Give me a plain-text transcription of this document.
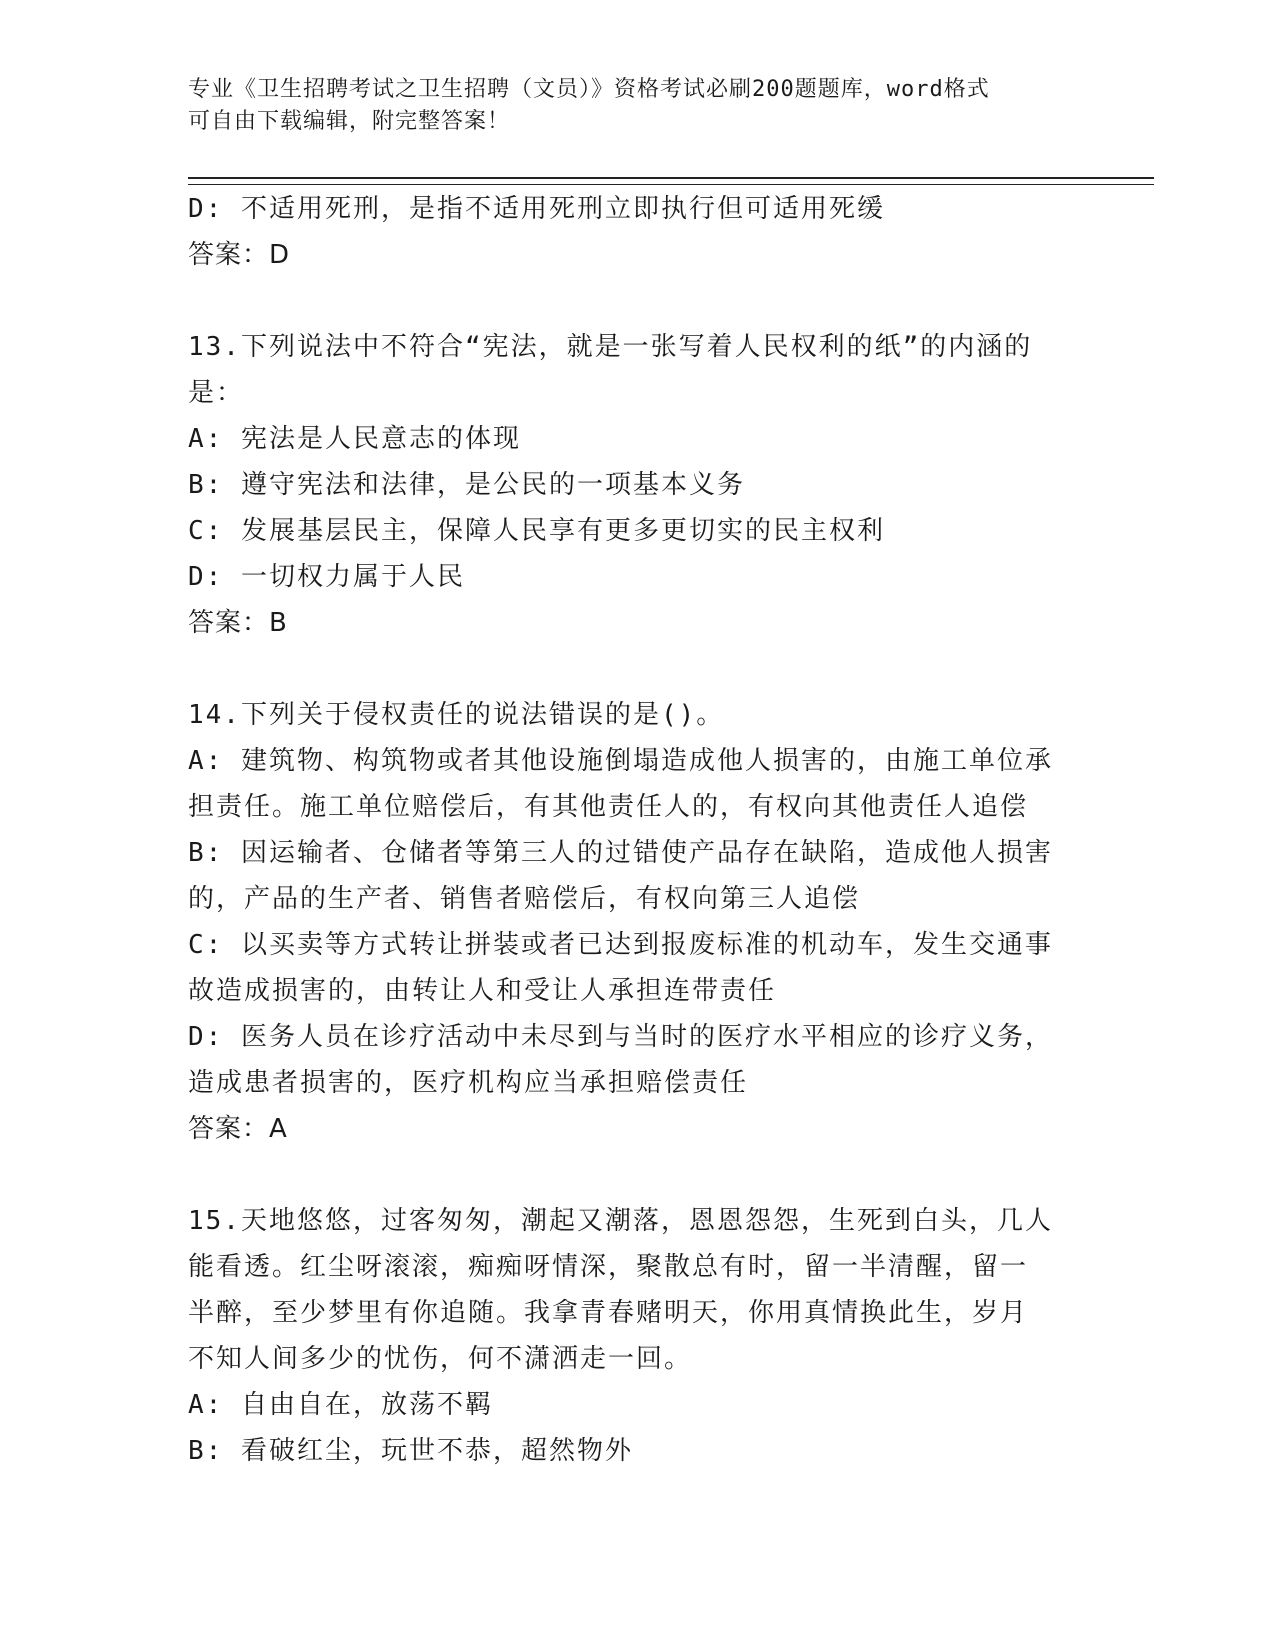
专业《卫生招聘考试之卫生招聘（文员）》资格考试必刷200题题库，word格式
可自由下载编辑，附完整答案！
D: 不适用死刑，是指不适用死刑立即执行但可适用死缓
答案：D
13.下列说法中不符合“宪法，就是一张写着人民权利的纸”的内涵的
是：
A: 宪法是人民意志的体现
B: 遵守宪法和法律，是公民的一项基本义务
C: 发展基层民主，保障人民享有更多更切实的民主权利
D: 一切权力属于人民
答案：B
14.下列关于侵权责任的说法错误的是()。
A: 建筑物、构筑物或者其他设施倒塌造成他人损害的，由施工单位承
担责任。施工单位赔偿后，有其他责任人的，有权向其他责任人追偿
B: 因运输者、仓储者等第三人的过错使产品存在缺陷，造成他人损害
的，产品的生产者、销售者赔偿后，有权向第三人追偿
C: 以买卖等方式转让拼装或者已达到报废标准的机动车，发生交通事
故造成损害的，由转让人和受让人承担连带责任
D: 医务人员在诊疗活动中未尽到与当时的医疗水平相应的诊疗义务，
造成患者损害的，医疗机构应当承担赔偿责任
答案：A
15.天地悠悠，过客匆匆，潮起又潮落，恩恩怨怨，生死到白头，几人
能看透。红尘呀滚滚，痴痴呀情深，聚散总有时，留一半清醒，留一
半醉，至少梦里有你追随。我拿青春赌明天，你用真情换此生，岁月
不知人间多少的忧伤，何不潇洒走一回。
A: 自由自在，放荡不羁
B: 看破红尘，玩世不恭，超然物外
